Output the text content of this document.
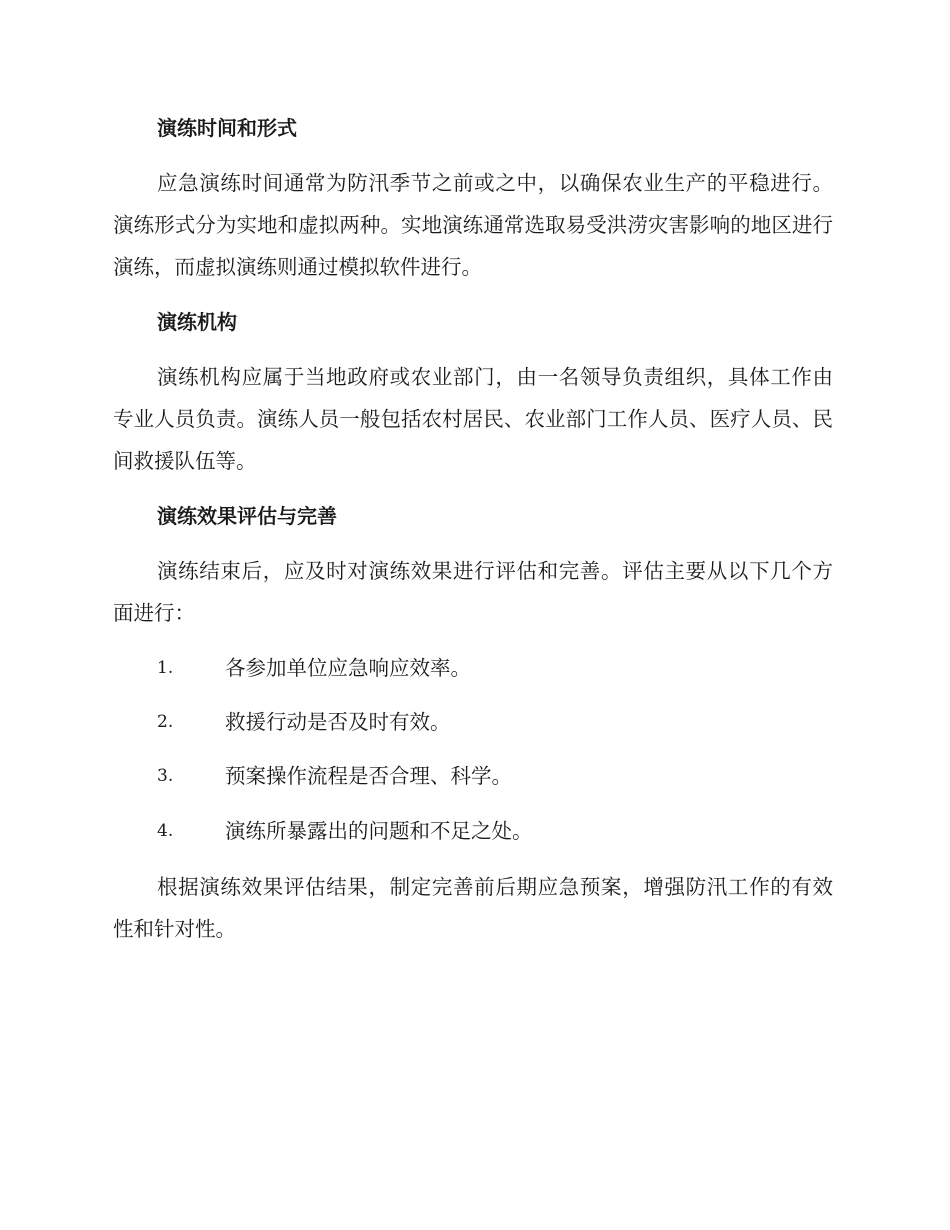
演练时间和形式
应急演练时间通常为防汛季节之前或之中，以确保农业生产的平稳进行。演练形式分为实地和虚拟两种。实地演练通常选取易受洪涝灾害影响的地区进行演练，而虚拟演练则通过模拟软件进行。
演练机构
演练机构应属于当地政府或农业部门，由一名领导负责组织，具体工作由专业人员负责。演练人员一般包括农村居民、农业部门工作人员、医疗人员、民间救援队伍等。
演练效果评估与完善
演练结束后，应及时对演练效果进行评估和完善。评估主要从以下几个方面进行：
1.	各参加单位应急响应效率。
2.	救援行动是否及时有效。
3.	预案操作流程是否合理、科学。
4.	演练所暴露出的问题和不足之处。
根据演练效果评估结果，制定完善前后期应急预案，增强防汛工作的有效性和针对性。
